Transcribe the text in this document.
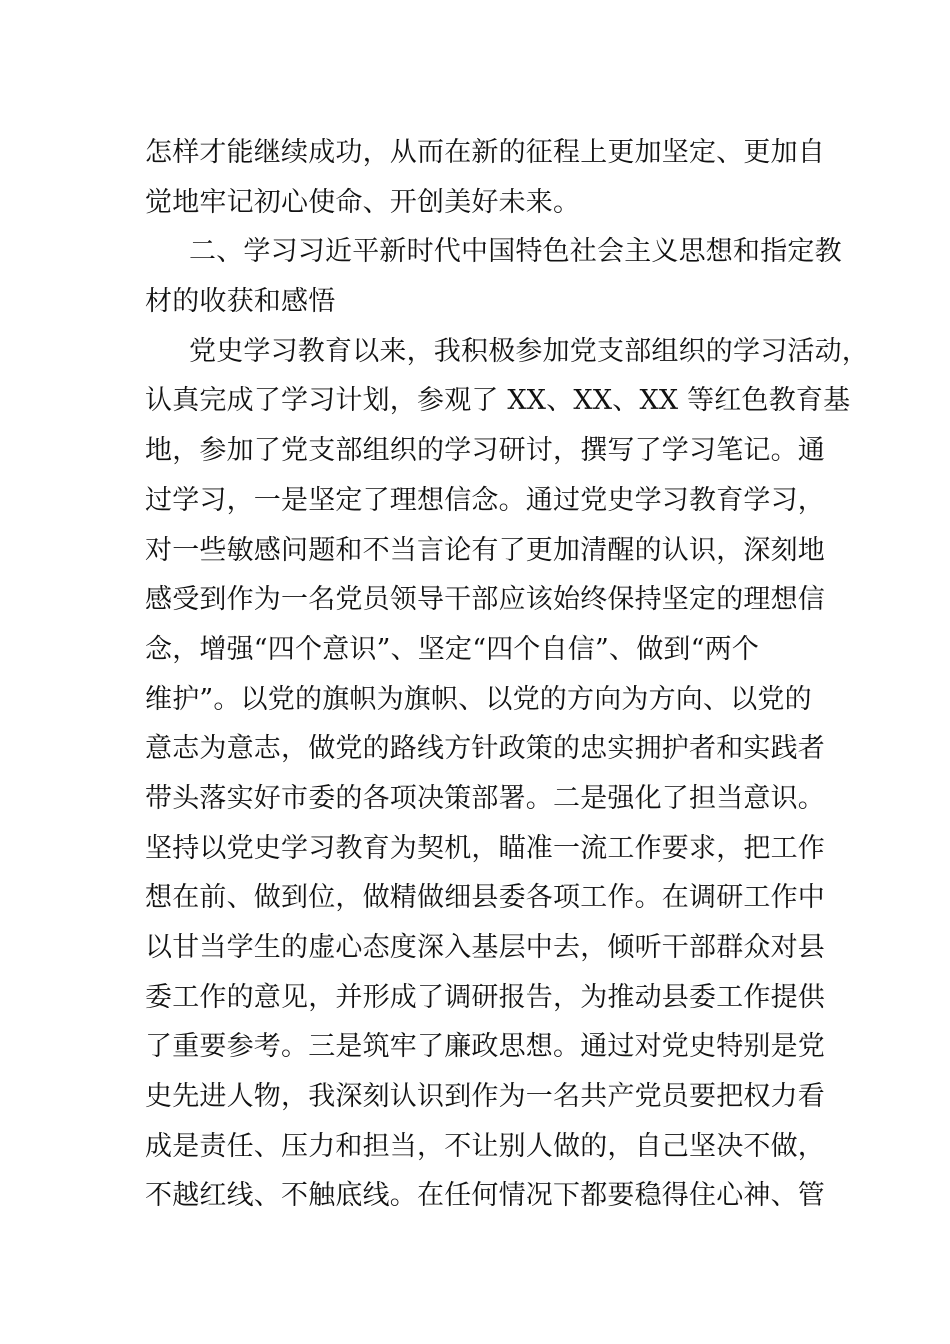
怎样才能继续成功，从而在新的征程上更加坚定、更加自
觉地牢记初心使命、开创美好未来。
二、学习习近平新时代中国特色社会主义思想和指定教
材的收获和感悟
党史学习教育以来，我积极参加党支部组织的学习活动，
认真完成了学习计划，参观了 XX、XX、XX 等红色教育基
地，参加了党支部组织的学习研讨，撰写了学习笔记。通
过学习，一是坚定了理想信念。通过党史学习教育学习，
对一些敏感问题和不当言论有了更加清醒的认识，深刻地
感受到作为一名党员领导干部应该始终保持坚定的理想信
念，增强“四个意识”、坚定“四个自信”、做到“两个
维护”。以党的旗帜为旗帜、以党的方向为方向、以党的
意志为意志，做党的路线方针政策的忠实拥护者和实践者
带头落实好市委的各项决策部署。二是强化了担当意识。
坚持以党史学习教育为契机，瞄准一流工作要求，把工作
想在前、做到位，做精做细县委各项工作。在调研工作中
以甘当学生的虚心态度深入基层中去，倾听干部群众对县
委工作的意见，并形成了调研报告，为推动县委工作提供
了重要参考。三是筑牢了廉政思想。通过对党史特别是党
史先进人物，我深刻认识到作为一名共产党员要把权力看
成是责任、压力和担当，不让别人做的，自己坚决不做，
不越红线、不触底线。在任何情况下都要稳得住心神、管
